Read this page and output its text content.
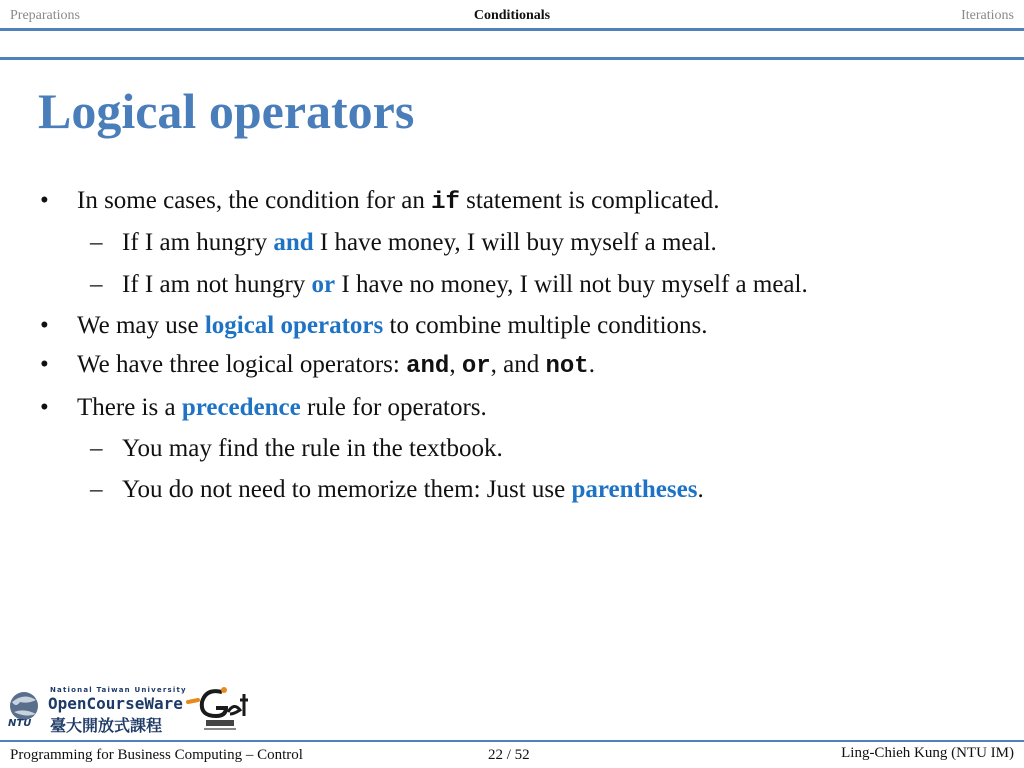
Preparations	Conditionals	Iterations
Logical operators
• In some cases, the condition for an if statement is complicated.
– If I am hungry and I have money, I will buy myself a meal.
– If I am not hungry or I have no money, I will not buy myself a meal.
• We may use logical operators to combine multiple conditions.
• We have three logical operators: and, or, and not.
• There is a precedence rule for operators.
– You may find the rule in the textbook.
– You do not need to memorize them: Just use parentheses.
NTU
National Taiwan University
OpenCourseWare
臺大開放式課程
Programming for Business Computing – Control	22 / 52	Ling-Chieh Kung (NTU IM)
